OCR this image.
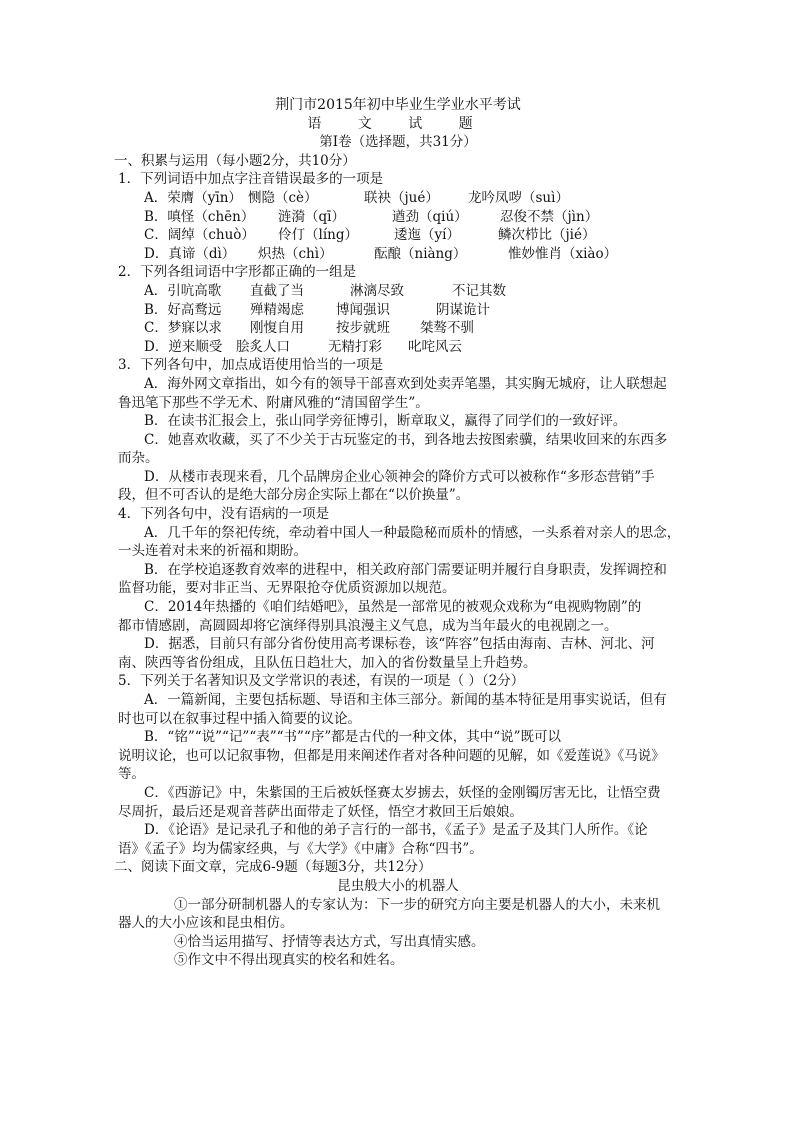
荆门市2015年初中毕业生学业水平考试
语 文 试 题
第Ⅰ卷（选择题，共31分）
一、积累与运用（每小题2分，共10分）
1．下列词语中加点字注音错误最多的一项是
A．荣膺（yīn） 恻隐（cè）	联袂（jué） 龙吟凤哕（suì）
B．嗔怪（chēn） 涟漪（qī）	遒劲（qiú） 忍俊不禁（jìn）
C．阔绰（chuò） 伶仃（líng）	逶迤（yí）	鳞次栉比（jié）
D．真谛（dì） 炽热（chì）	酝酿（niàng）	惟妙惟肖（xiào）
2．下列各组词语中字形都正确的一组是
A．引吭高歌 直截了当	淋漓尽致	不记其数
B．好高鹜远 殚精竭虑 博闻强识	阴谋诡计
C．梦寐以求 刚愎自用 按步就班 桀骜不驯
D．逆来顺受 脍炙人口	无精打彩 叱咤风云
3．下列各句中，加点成语使用恰当的一项是
A．海外网文章指出，如今有的领导干部喜欢到处卖弄笔墨，其实胸无城府，让人联想起
鲁迅笔下那些不学无术、附庸风雅的“清国留学生”。
B．在读书汇报会上，张山同学旁征博引，断章取义，赢得了同学们的一致好评。
C．她喜欢收藏，买了不少关于古玩鉴定的书，到各地去按图索骥，结果收回来的东西多
而杂。
D．从楼市表现来看，几个品牌房企业心领神会的降价方式可以被称作“多形态营销”手
段，但不可否认的是绝大部分房企实际上都在“以价换量”。
4．下列各句中，没有语病的一项是
A．几千年的祭祀传统，牵动着中国人一种最隐秘而质朴的情感，一头系着对亲人的思念，
一头连着对未来的祈福和期盼。
B．在学校追逐教育效率的进程中，相关政府部门需要证明并履行自身职责，发挥调控和
监督功能，要对非正当、无界限抢夺优质资源加以规范。
C．2014年热播的《咱们结婚吧》，虽然是一部常见的被观众戏称为“电视购物剧”的
都市情感剧，高圆圆却将它演绎得别具浪漫主义气息，成为当年最火的电视剧之一。
D．据悉，目前只有部分省份使用高考课标卷，该“阵容”包括由海南、吉林、河北、河
南、陕西等省份组成，且队伍日趋壮大，加入的省份数量呈上升趋势。
5．下列关于名著知识及文学常识的表述，有误的一项是（ ）（2分）
A．一篇新闻，主要包括标题、导语和主体三部分。新闻的基本特征是用事实说话，但有
时也可以在叙事过程中插入简要的议论。
B．“铭”“说”“记”“表”“书”“序”都是古代的一种文体，其中“说”既可以
说明议论，也可以记叙事物，但都是用来阐述作者对各种问题的见解，如《爱莲说》《马说》
等。
C．《西游记》中，朱紫国的王后被妖怪赛太岁掳去，妖怪的金刚镯厉害无比，让悟空费
尽周折，最后还是观音菩萨出面带走了妖怪，悟空才救回王后娘娘。
D．《论语》是记录孔子和他的弟子言行的一部书，《孟子》是孟子及其门人所作。《论
语》《孟子》均为儒家经典，与《大学》《中庸》合称“四书”。
二、阅读下面文章，完成6-9题（每题3分，共12分）
昆虫般大小的机器人
①一部分研制机器人的专家认为：下一步的研究方向主要是机器人的大小，未来机
器人的大小应该和昆虫相仿。
④恰当运用描写、抒情等表达方式，写出真情实感。
⑤作文中不得出现真实的校名和姓名。
